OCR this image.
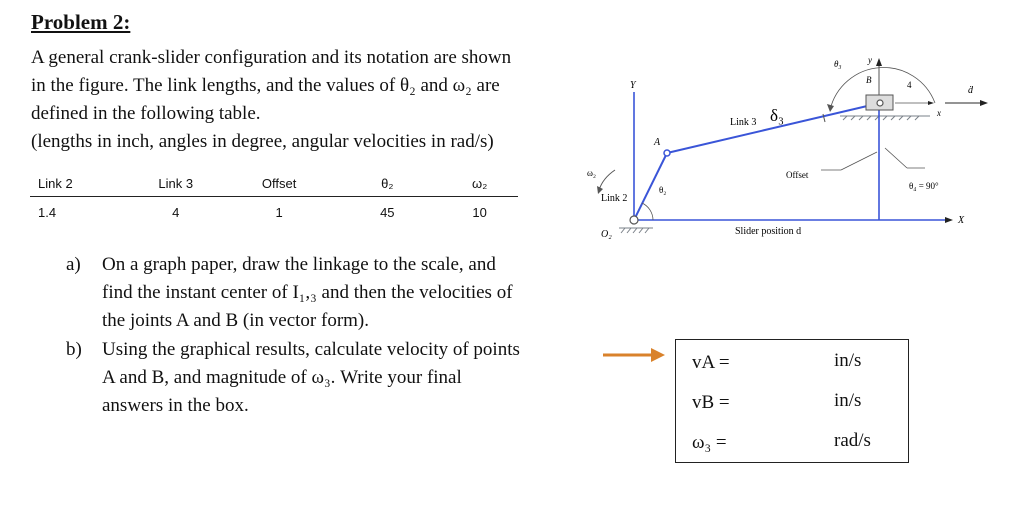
Problem 2:
A general crank-slider configuration and its notation are shown
in the figure. The link lengths, and the values of θ₂ and ω₂ are
defined in the following table.
(lengths in inch, angles in degree, angular velocities in rad/s)
Link 2	Link 3	Offset	θ₂	ω₂
1.4	4	1	45	10
a) On a graph paper, draw the linkage to the scale, and
find the instant center of I₁,₃ and then the velocities of
the joints A and B (in vector form).
b) Using the graphical results, calculate velocity of points
A and B, and magnitude of ω₃. Write your final
answers in the box.
vA =	in/s
vB =	in/s
ω₃ =	rad/s
X
Y
ω₂
Link 2
θ₂
A
O₂
Link 3 δ₃
Offset
Slider position d
θ₃
B	4
y
x
ḋ
θ₄ = 90°
